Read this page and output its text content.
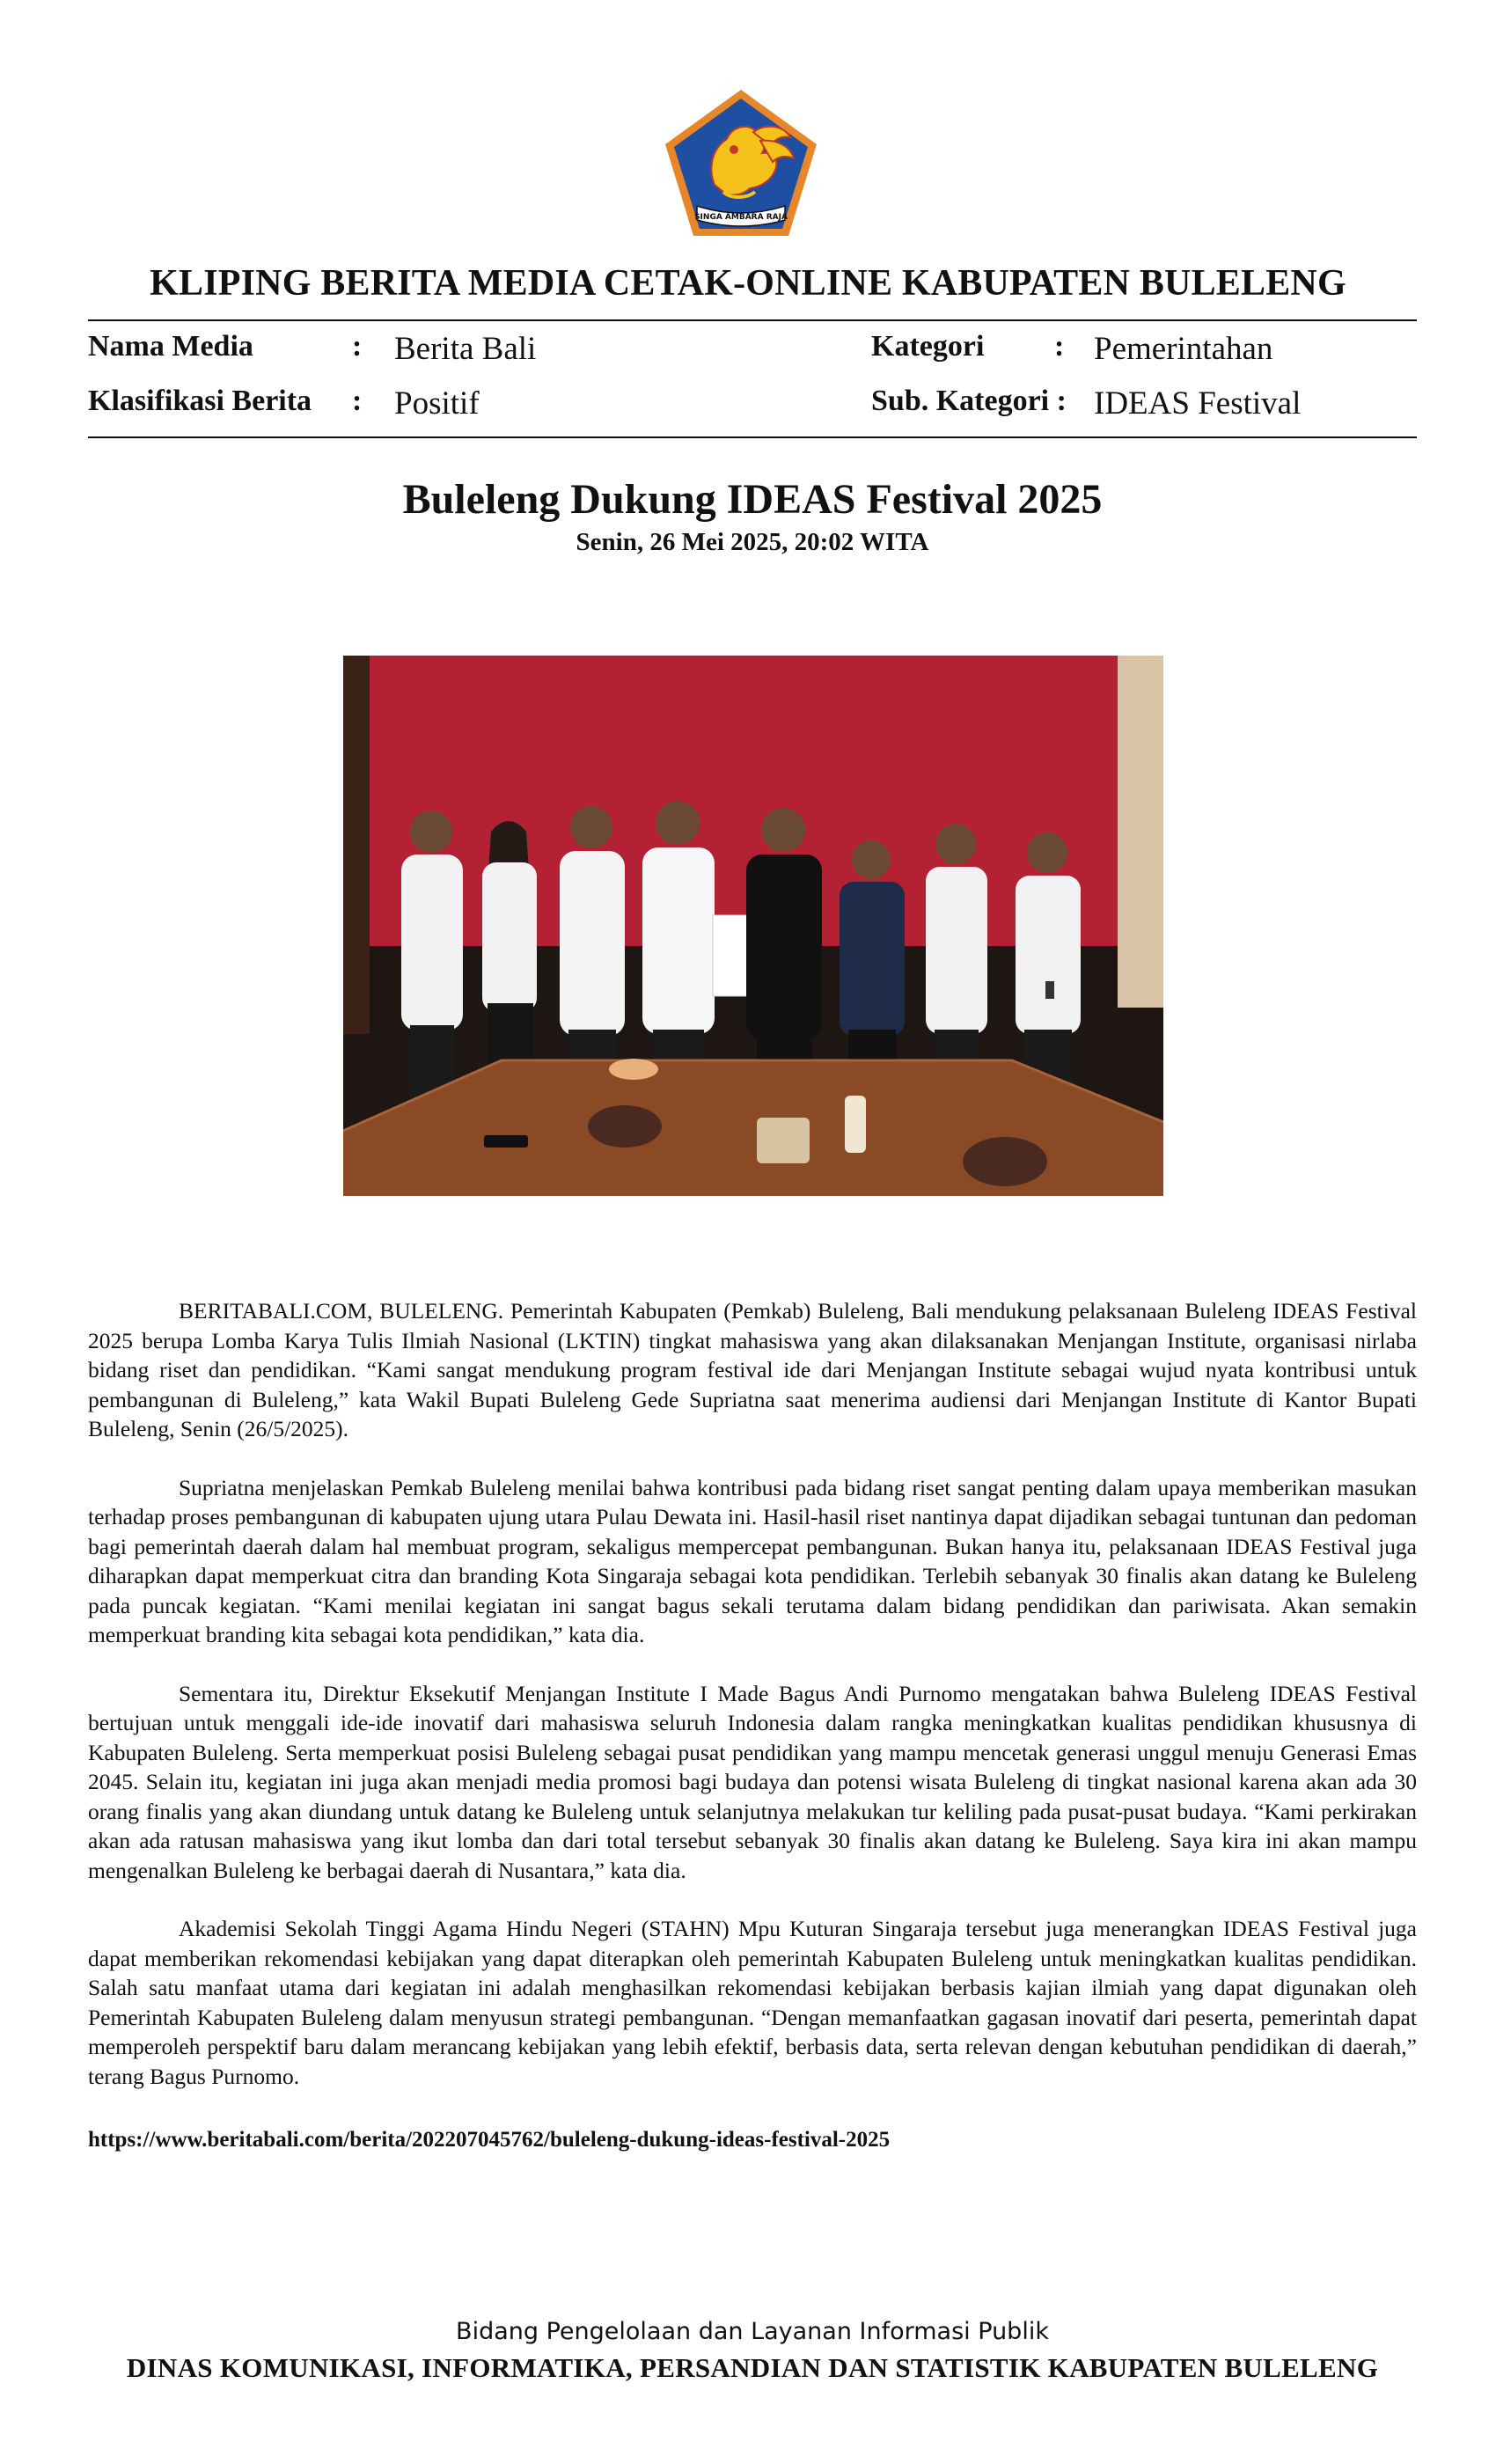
SINGA AMBARA RAJA
KLIPING BERITA MEDIA CETAK-ONLINE KABUPATEN BULELENG
Nama Media	: Berita Bali
Klasifikasi Berita : Positif
Kategori : Pemerintahan
Sub. Kategori : IDEAS Festival
Buleleng Dukung IDEAS Festival 2025
Senin, 26 Mei 2025, 20:02 WITA

BERITABALI.COM, BULELENG. Pemerintah Kabupaten (Pemkab) Buleleng, Bali mendukung pelaksanaan Buleleng IDEAS Festival 2025 berupa Lomba Karya Tulis Ilmiah Nasional (LKTIN) tingkat mahasiswa yang akan dilaksanakan Menjangan Institute, organisasi nirlaba bidang riset dan pendidikan. “Kami sangat mendukung program festival ide dari Menjangan Institute sebagai wujud nyata kontribusi untuk pembangunan di Buleleng,” kata Wakil Bupati Buleleng Gede Supriatna saat menerima audiensi dari Menjangan Institute di Kantor Bupati Buleleng, Senin (26/5/2025).

Supriatna menjelaskan Pemkab Buleleng menilai bahwa kontribusi pada bidang riset sangat penting dalam upaya memberikan masukan terhadap proses pembangunan di kabupaten ujung utara Pulau Dewata ini. Hasil-hasil riset nantinya dapat dijadikan sebagai tuntunan dan pedoman bagi pemerintah daerah dalam hal membuat program, sekaligus mempercepat pembangunan. Bukan hanya itu, pelaksanaan IDEAS Festival juga diharapkan dapat memperkuat citra dan branding Kota Singaraja sebagai kota pendidikan. Terlebih sebanyak 30 finalis akan datang ke Buleleng pada puncak kegiatan. “Kami menilai kegiatan ini sangat bagus sekali terutama dalam bidang pendidikan dan pariwisata. Akan semakin memperkuat branding kita sebagai kota pendidikan,” kata dia.

Sementara itu, Direktur Eksekutif Menjangan Institute I Made Bagus Andi Purnomo mengatakan bahwa Buleleng IDEAS Festival bertujuan untuk menggali ide-ide inovatif dari mahasiswa seluruh Indonesia dalam rangka meningkatkan kualitas pendidikan khususnya di Kabupaten Buleleng. Serta memperkuat posisi Buleleng sebagai pusat pendidikan yang mampu mencetak generasi unggul menuju Generasi Emas 2045. Selain itu, kegiatan ini juga akan menjadi media promosi bagi budaya dan potensi wisata Buleleng di tingkat nasional karena akan ada 30 orang finalis yang akan diundang untuk datang ke Buleleng untuk selanjutnya melakukan tur keliling pada pusat-pusat budaya. “Kami perkirakan akan ada ratusan mahasiswa yang ikut lomba dan dari total tersebut sebanyak 30 finalis akan datang ke Buleleng. Saya kira ini akan mampu mengenalkan Buleleng ke berbagai daerah di Nusantara,” kata dia.

Akademisi Sekolah Tinggi Agama Hindu Negeri (STAHN) Mpu Kuturan Singaraja tersebut juga menerangkan IDEAS Festival juga dapat memberikan rekomendasi kebijakan yang dapat diterapkan oleh pemerintah Kabupaten Buleleng untuk meningkatkan kualitas pendidikan. Salah satu manfaat utama dari kegiatan ini adalah menghasilkan rekomendasi kebijakan berbasis kajian ilmiah yang dapat digunakan oleh Pemerintah Kabupaten Buleleng dalam menyusun strategi pembangunan. “Dengan memanfaatkan gagasan inovatif dari peserta, pemerintah dapat memperoleh perspektif baru dalam merancang kebijakan yang lebih efektif, berbasis data, serta relevan dengan kebutuhan pendidikan di daerah,” terang Bagus Purnomo.

https://www.beritabali.com/berita/202207045762/buleleng-dukung-ideas-festival-2025
Bidang Pengelolaan dan Layanan Informasi Publik
DINAS KOMUNIKASI, INFORMATIKA, PERSANDIAN DAN STATISTIK KABUPATEN BULELENG
